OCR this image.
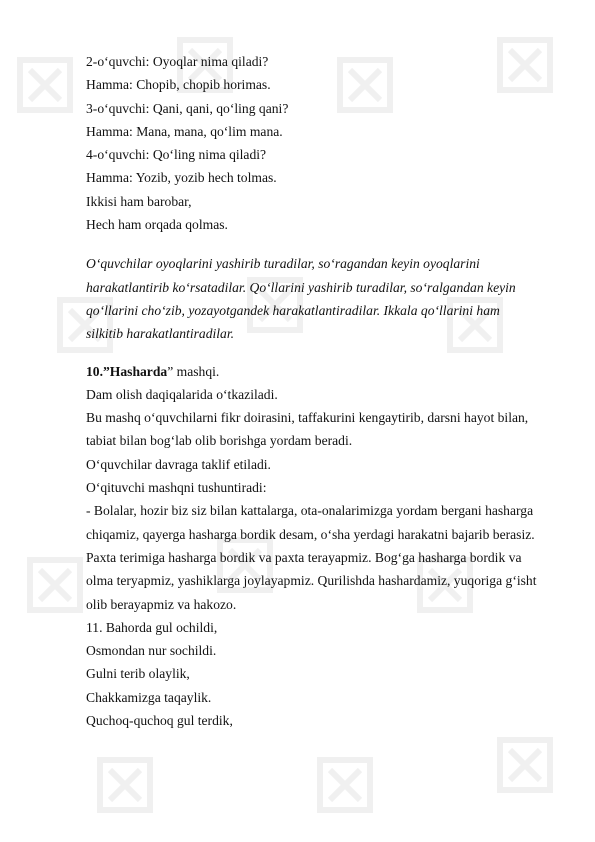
2-o‘quvchi: Oyoqlar nima qiladi?
Hamma: Chopib, chopib horimas.
3-o‘quvchi: Qani, qani, qo‘ling qani?
Hamma: Mana, mana, qo‘lim mana.
4-o‘quvchi: Qo‘ling nima qiladi?
Hamma: Yozib, yozib hech tolmas.
Ikkisi ham barobar,
Hech ham orqada qolmas.
O‘quvchilar oyoqlarini yashirib turadilar, so‘ragandan keyin oyoqlarini
harakatlantirib ko‘rsatadilar. Qo‘llarini yashirib turadilar, so‘ralgandan keyin
qo‘llarini cho‘zib, yozayotgandek harakatlantiradilar. Ikkala qo‘llarini ham
silkitib harakatlantiradilar.
10.”Hasharda” mashqi.
Dam olish daqiqalarida o‘tkaziladi.
Bu mashq o‘quvchilarni fikr doirasini, taffakurini kengaytirib, darsni hayot bilan,
tabiat bilan bog‘lab olib borishga yordam beradi.
O‘quvchilar davraga taklif etiladi.
O‘qituvchi mashqni tushuntiradi:
- Bolalar, hozir biz siz bilan kattalarga, ota-onalarimizga yordam bergani hasharga
chiqamiz, qayerga hasharga bordik desam, o‘sha yerdagi harakatni bajarib berasiz.
Paxta terimiga hasharga bordik va paxta terayapmiz. Bog‘ga hasharga bordik va
olma teryapmiz, yashiklarga joylayapmiz. Qurilishda hashardamiz, yuqoriga g‘isht
olib berayapmiz va hakozo.
11. Bahorda gul ochildi,
Osmondan nur sochildi.
Gulni terib olaylik,
Chakkamizga taqaylik.
Quchoq-quchoq gul terdik,
